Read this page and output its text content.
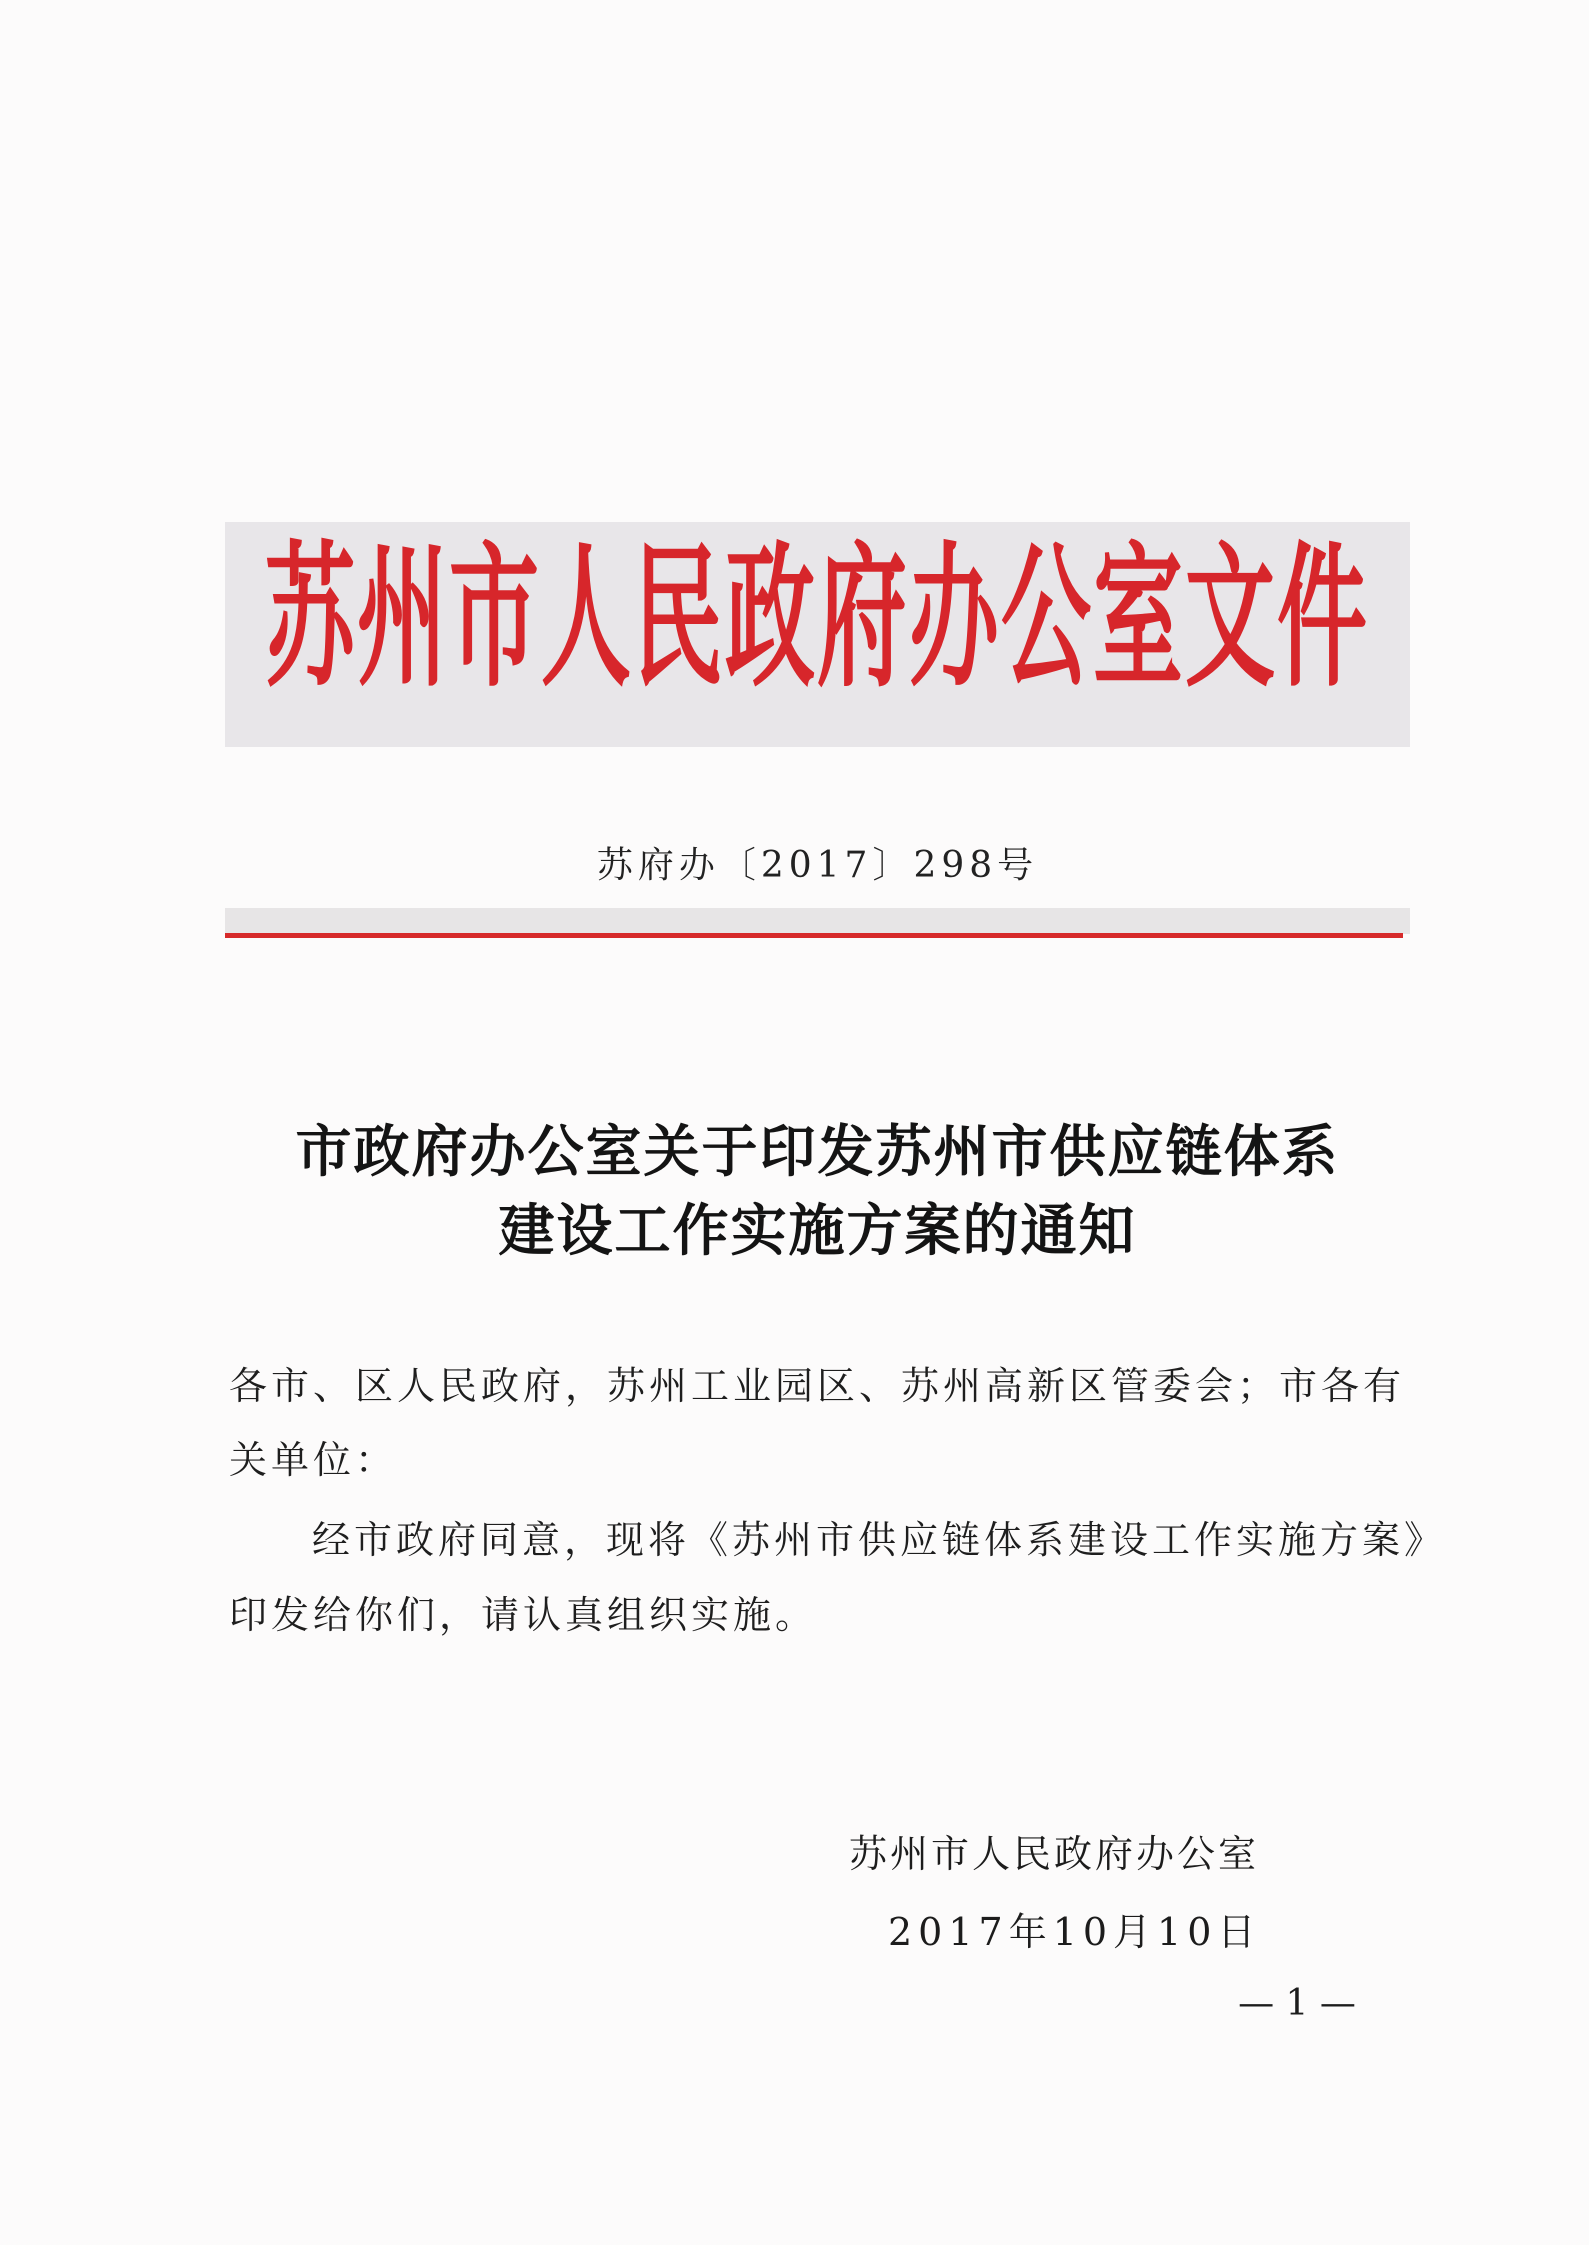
苏州市人民政府办公室文件
苏府办〔2017〕298号
市政府办公室关于印发苏州市供应链体系
建设工作实施方案的通知
各市、区人民政府，苏州工业园区、苏州高新区管委会；市各有
关单位：
经市政府同意，现将《苏州市供应链体系建设工作实施方案》
印发给你们，请认真组织实施。
苏州市人民政府办公室
2017年10月10日
— 1 —
